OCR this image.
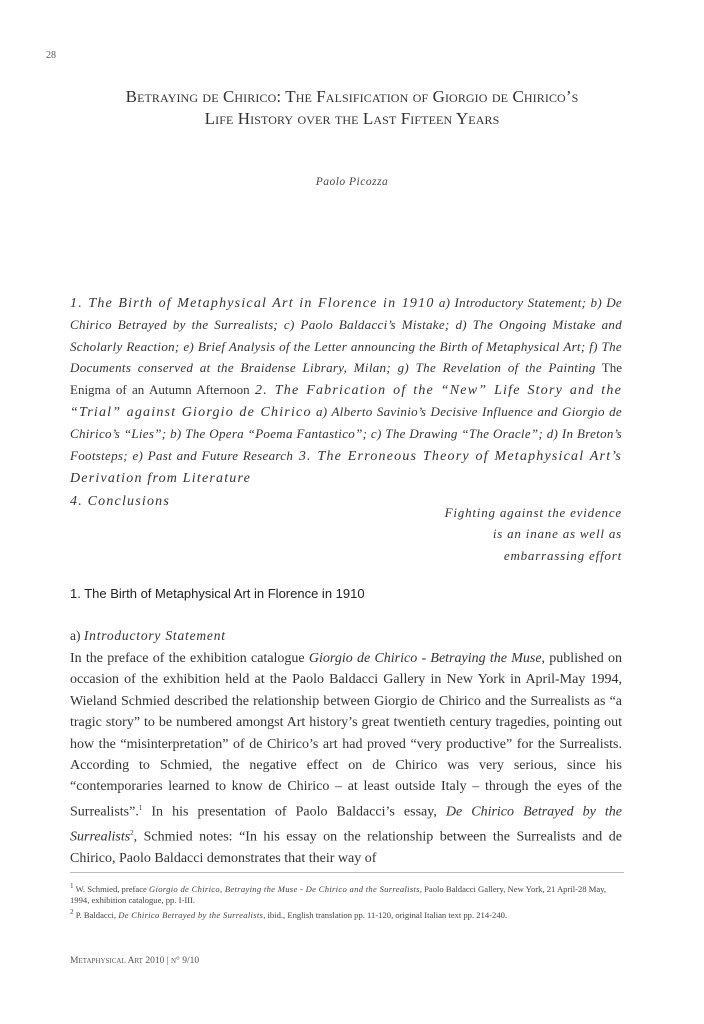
28
Betraying de Chirico: The Falsification of Giorgio de Chirico’s
Life History over the Last Fifteen Years
Paolo Picozza
1. The Birth of Metaphysical Art in Florence in 1910 a) Introductory Statement; b) De Chirico Betrayed by the Surrealists; c) Paolo Baldacci’s Mistake; d) The Ongoing Mistake and Scholarly Reaction; e) Brief Analysis of the Letter announcing the Birth of Metaphysical Art; f) The Documents conserved at the Braidense Library, Milan; g) The Revelation of the Painting The Enigma of an Autumn Afternoon 2. The Fabrication of the “New” Life Story and the “Trial” against Giorgio de Chirico a) Alberto Savinio’s Decisive Influence and Giorgio de Chirico’s “Lies”; b) The Opera “Poema Fantastico”; c) The Drawing “The Oracle”; d) In Breton’s Footsteps; e) Past and Future Research 3. The Erroneous Theory of Metaphysical Art’s Derivation from Literature
4. Conclusions
Fighting against the evidence
is an inane as well as
embarrassing effort
1. The Birth of Metaphysical Art in Florence in 1910
a) Introductory Statement
In the preface of the exhibition catalogue Giorgio de Chirico - Betraying the Muse, published on occasion of the exhibition held at the Paolo Baldacci Gallery in New York in April-May 1994, Wieland Schmied described the relationship between Giorgio de Chirico and the Surrealists as “a tragic story” to be numbered amongst Art history’s great twentieth century tragedies, pointing out how the “misinterpretation” of de Chirico’s art had proved “very productive” for the Surrealists. According to Schmied, the negative effect on de Chirico was very serious, since his “contemporaries learned to know de Chirico – at least outside Italy – through the eyes of the Surrealists”.$^1$ In his presentation of Paolo Baldacci’s essay, De Chirico Betrayed by the Surrealists$^2$, Schmied notes: “In his essay on the relationship between the Surrealists and de Chirico, Paolo Baldacci demonstrates that their way of

$^1$ W. Schmied, preface Giorgio de Chirico, Betraying the Muse - De Chirico and the Surrealists, Paolo Baldacci Gallery, New York, 21 April-28 May, 1994, exhibition catalogue, pp. I-III.

$^2$ P. Baldacci, De Chirico Betrayed by the Surrealists, ibid., English translation pp. 11-120, original Italian text pp. 214-240.

Metaphysical Art 2010 | n° 9/10
